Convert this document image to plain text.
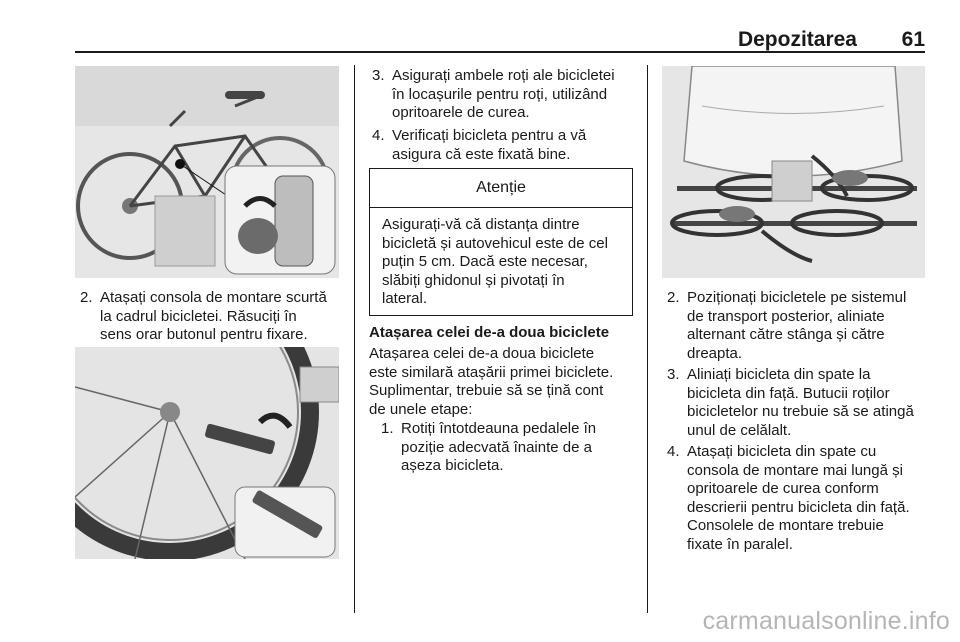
Depozitarea 61
2. Atașați consola de montare scurtă
la cadrul bicicletei. Răsuciți în
sens orar butonul pentru fixare.
3. Asigurați ambele roți ale bicicletei
în locașurile pentru roți, utilizând
opritoarele de curea.
4. Verificați bicicleta pentru a vă
asigura că este fixată bine.
Atenție
Asigurați-vă că distanța dintre
bicicletă și autovehicul este de cel
puțin 5 cm. Dacă este necesar,
slăbiți ghidonul și pivotați în
lateral.
Atașarea celei de-a doua biciclete
Atașarea celei de-a doua biciclete
este similară atașării primei biciclete.
Suplimentar, trebuie să se țină cont
de unele etape:
1. Rotiți întotdeauna pedalele în
poziție adecvată înainte de a
așeza bicicleta.
2. Poziționați bicicletele pe sistemul
de transport posterior, aliniate
alternant către stânga și către
dreapta.
3. Aliniați bicicleta din spate la
bicicleta din față. Butucii roților
bicicletelor nu trebuie să se atingă
unul de celălalt.
4. Atașați bicicleta din spate cu
consola de montare mai lungă și
opritoarele de curea conform
descrierii pentru bicicleta din față.
Consolele de montare trebuie
fixate în paralel.
carmanualsonline.info
